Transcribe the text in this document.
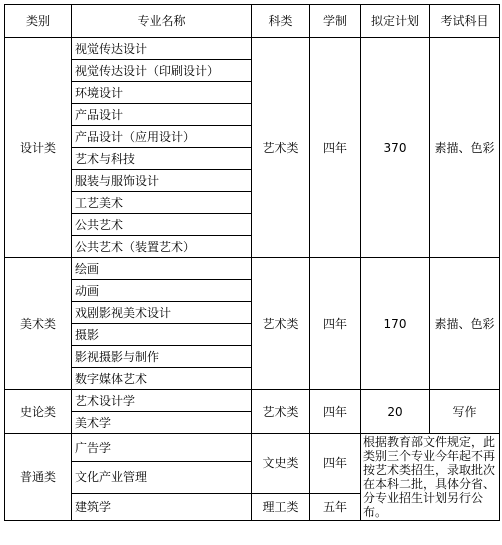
类别	专业名称	科类	学制	拟定计划	考试科目
设计类	视觉传达设计	艺术类	四年	370	素描、色彩
	视觉传达设计（印刷设计）				
	环境设计				
	产品设计				
	产品设计（应用设计）				
	艺术与科技				
	服装与服饰设计				
	工艺美术				
	公共艺术				
	公共艺术（装置艺术）				
美术类	绘画	艺术类	四年	170	素描、色彩
	动画				
	戏剧影视美术设计				
	摄影				
	影视摄影与制作				
	数字媒体艺术				
史论类	艺术设计学	艺术类	四年	20	写作
	美术学				
普通类	广告学	文史类	四年	根据教育部文件规定，此类别三个专业今年起不再按艺术类招生，录取批次在本科二批，具体分省、分专业招生计划另行公布。	
	文化产业管理				
	建筑学	理工类	五年		
